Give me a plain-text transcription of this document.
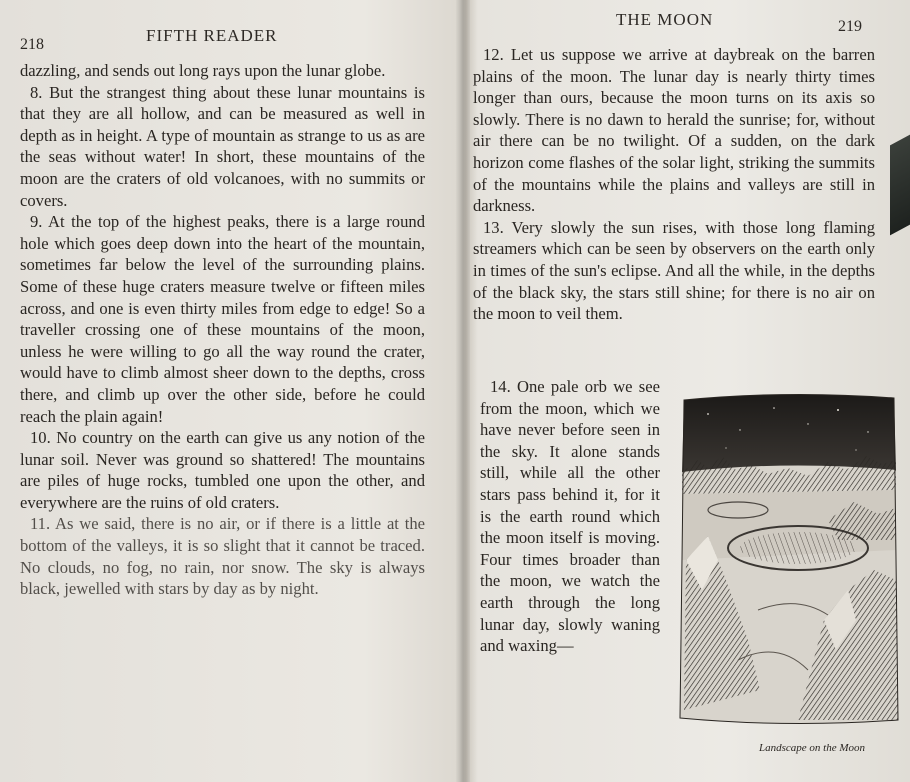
218	FIFTH READER

dazzling, and sends out long rays upon the lunar globe.

8. But the strangest thing about these lunar mountains is that they are all hollow, and can be measured as well in depth as in height. A type of mountain as strange to us as are the seas without water! In short, these mountains of the moon are the craters of old volcanoes, with no summits or covers.

9. At the top of the highest peaks, there is a large round hole which goes deep down into the heart of the mountain, sometimes far below the level of the surrounding plains. Some of these huge craters measure twelve or fifteen miles across, and one is even thirty miles from edge to edge! So a traveller crossing one of these mountains of the moon, unless he were willing to go all the way round the crater, would have to climb almost sheer down to the depths, cross there, and climb up over the other side, before he could reach the plain again!

10. No country on the earth can give us any notion of the lunar soil. Never was ground so shattered! The mountains are piles of huge rocks, tumbled one upon the other, and everywhere are the ruins of old craters.

11. As we said, there is no air, or if there is a little at the bottom of the valleys, it is so slight that it cannot be traced. No clouds, no fog, no rain, nor snow. The sky is always black, jewelled with stars by day as by night.

THE MOON	219

12. Let us suppose we arrive at daybreak on the barren plains of the moon. The lunar day is nearly thirty times longer than ours, because the moon turns on its axis so slowly. There is no dawn to herald the sunrise; for, without air there can be no twilight. Of a sudden, on the dark horizon come flashes of the solar light, striking the summits of the mountains while the plains and valleys are still in darkness.

13. Very slowly the sun rises, with those long flaming streamers which can be seen by observers on the earth only in times of the sun's eclipse. And all the while, in the depths of the black sky, the stars still shine; for there is no air on the moon to veil them.

14. One pale orb we see from the moon, which we have never before seen in the sky. It alone stands still, while all the other stars pass behind it, for it is the earth round which the moon itself is moving. Four times broader than the moon, we watch the earth through the long lunar day, slowly waning and waxing—

Landscape on the Moon
